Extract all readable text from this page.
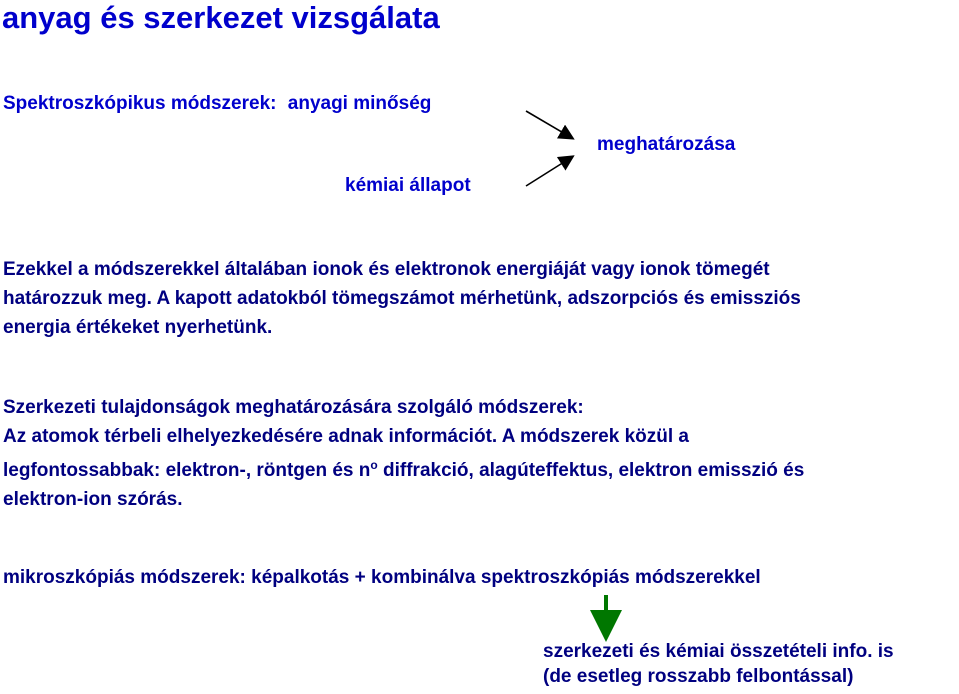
anyag és szerkezet vizsgálata
Spektroszkópikus módszerek: anyagi minőség
kémiai állapot
meghatározása
Ezekkel a módszerekkel általában ionok és elektronok energiáját vagy ionok tömegét
határozzuk meg. A kapott adatokból tömegszámot mérhetünk, adszorpciós és emissziós
energia értékeket nyerhetünk.
Szerkezeti tulajdonságok meghatározására szolgáló módszerek:
Az atomok térbeli elhelyezkedésére adnak információt. A módszerek közül a
legfontossabbak: elektron-, röntgen és $n^o$ diffrakció, alagúteffektus, elektron emisszió és
elektron-ion szórás.
mikroszkópiás módszerek: képalkotás + kombinálva spektroszkópiás módszerekkel
szerkezeti és kémiai összetételi info. is
(de esetleg rosszabb felbontással)
